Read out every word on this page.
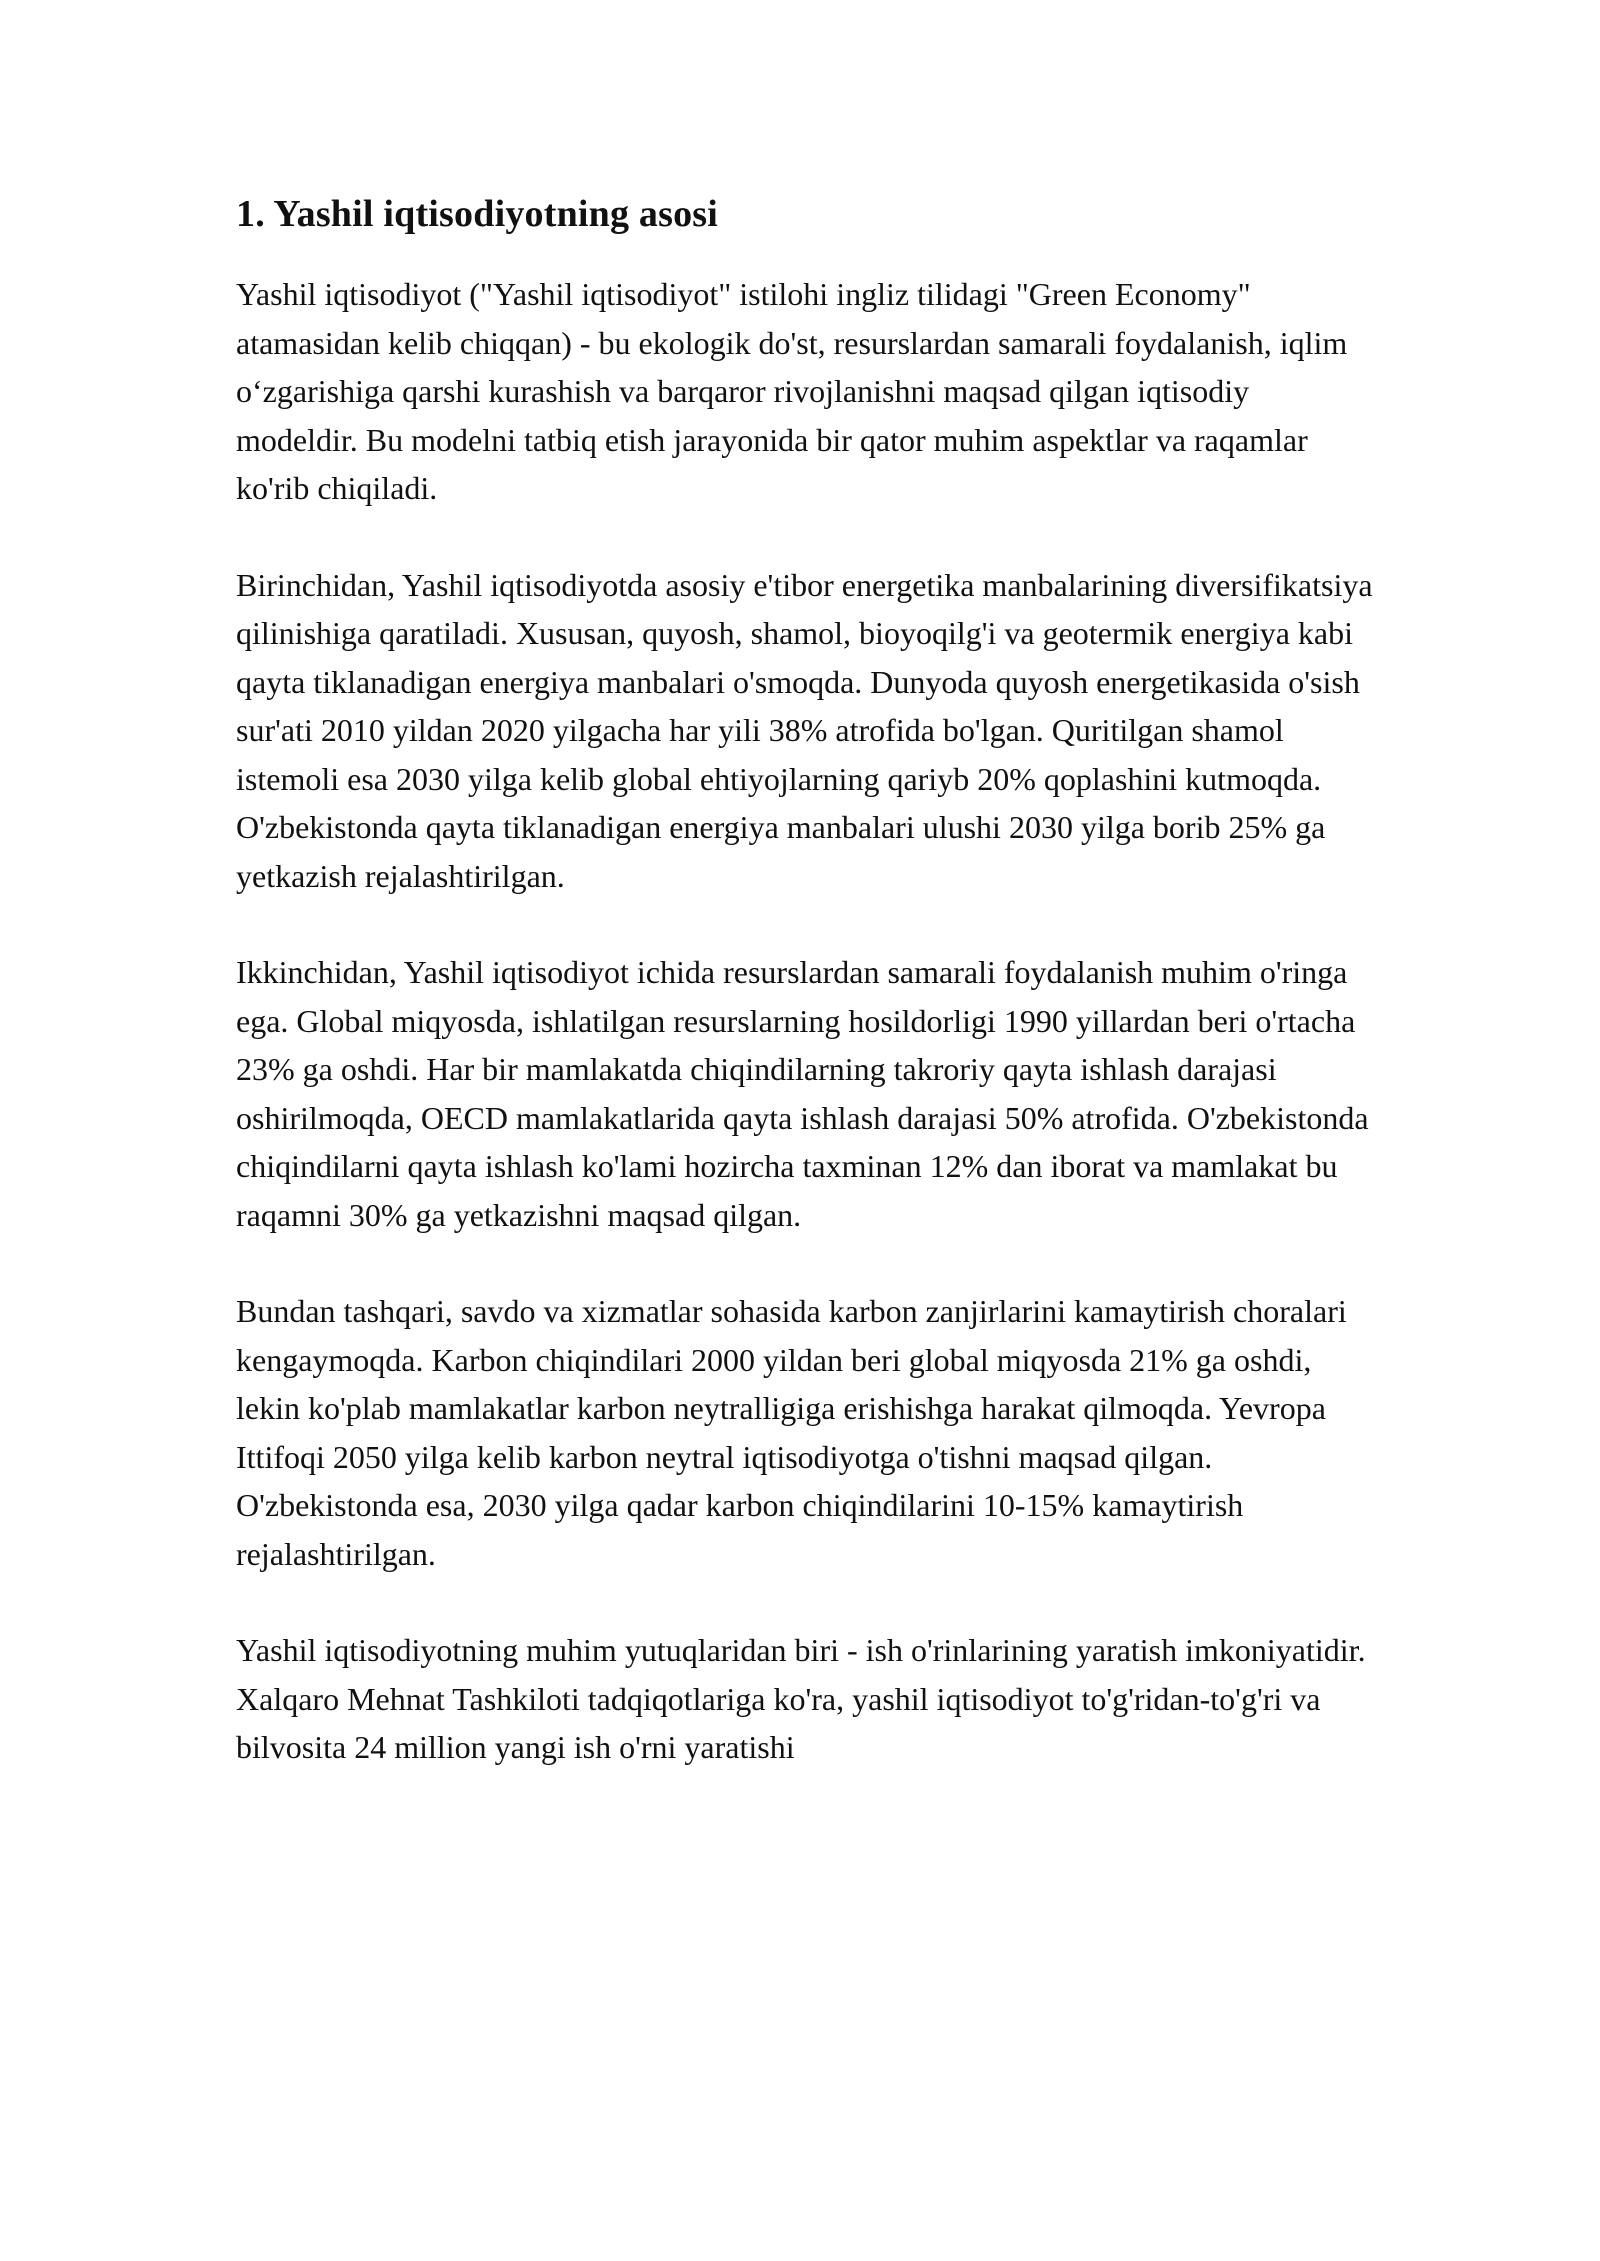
1. Yashil iqtisodiyotning asosi

Yashil iqtisodiyot ("Yashil iqtisodiyot" istilohi ingliz tilidagi "Green Economy" atamasidan kelib chiqqan) - bu ekologik do'st, resurslardan samarali foydalanish, iqlim o‘zgarishiga qarshi kurashish va barqaror rivojlanishni maqsad qilgan iqtisodiy modeldir. Bu modelni tatbiq etish jarayonida bir qator muhim aspektlar va raqamlar ko'rib chiqiladi.

Birinchidan, Yashil iqtisodiyotda asosiy e'tibor energetika manbalarining diversifikatsiya qilinishiga qaratiladi. Xususan, quyosh, shamol, bioyoqilg'i va geotermik energiya kabi qayta tiklanadigan energiya manbalari o'smoqda. Dunyoda quyosh energetikasida o'sish sur'ati 2010 yildan 2020 yilgacha har yili 38% atrofida bo'lgan. Quritilgan shamol istemoli esa 2030 yilga kelib global ehtiyojlarning qariyb 20% qoplashini kutmoqda. O'zbekistonda qayta tiklanadigan energiya manbalari ulushi 2030 yilga borib 25% ga yetkazish rejalashtirilgan.

Ikkinchidan, Yashil iqtisodiyot ichida resurslardan samarali foydalanish muhim o'ringa ega. Global miqyosda, ishlatilgan resurslarning hosildorligi 1990 yillardan beri o'rtacha 23% ga oshdi. Har bir mamlakatda chiqindilarning takroriy qayta ishlash darajasi oshirilmoqda, OECD mamlakatlarida qayta ishlash darajasi 50% atrofida. O'zbekistonda chiqindilarni qayta ishlash ko'lami hozircha taxminan 12% dan iborat va mamlakat bu raqamni 30% ga yetkazishni maqsad qilgan.

Bundan tashqari, savdo va xizmatlar sohasida karbon zanjirlarini kamaytirish choralari kengaymoqda. Karbon chiqindilari 2000 yildan beri global miqyosda 21% ga oshdi, lekin ko'plab mamlakatlar karbon neytralligiga erishishga harakat qilmoqda. Yevropa Ittifoqi 2050 yilga kelib karbon neytral iqtisodiyotga o'tishni maqsad qilgan. O'zbekistonda esa, 2030 yilga qadar karbon chiqindilarini 10-15% kamaytirish rejalashtirilgan.

Yashil iqtisodiyotning muhim yutuqlaridan biri - ish o'rinlarining yaratish imkoniyatidir. Xalqaro Mehnat Tashkiloti tadqiqotlariga ko'ra, yashil iqtisodiyot to'g'ridan-to'g'ri va bilvosita 24 million yangi ish o'rni yaratishi
